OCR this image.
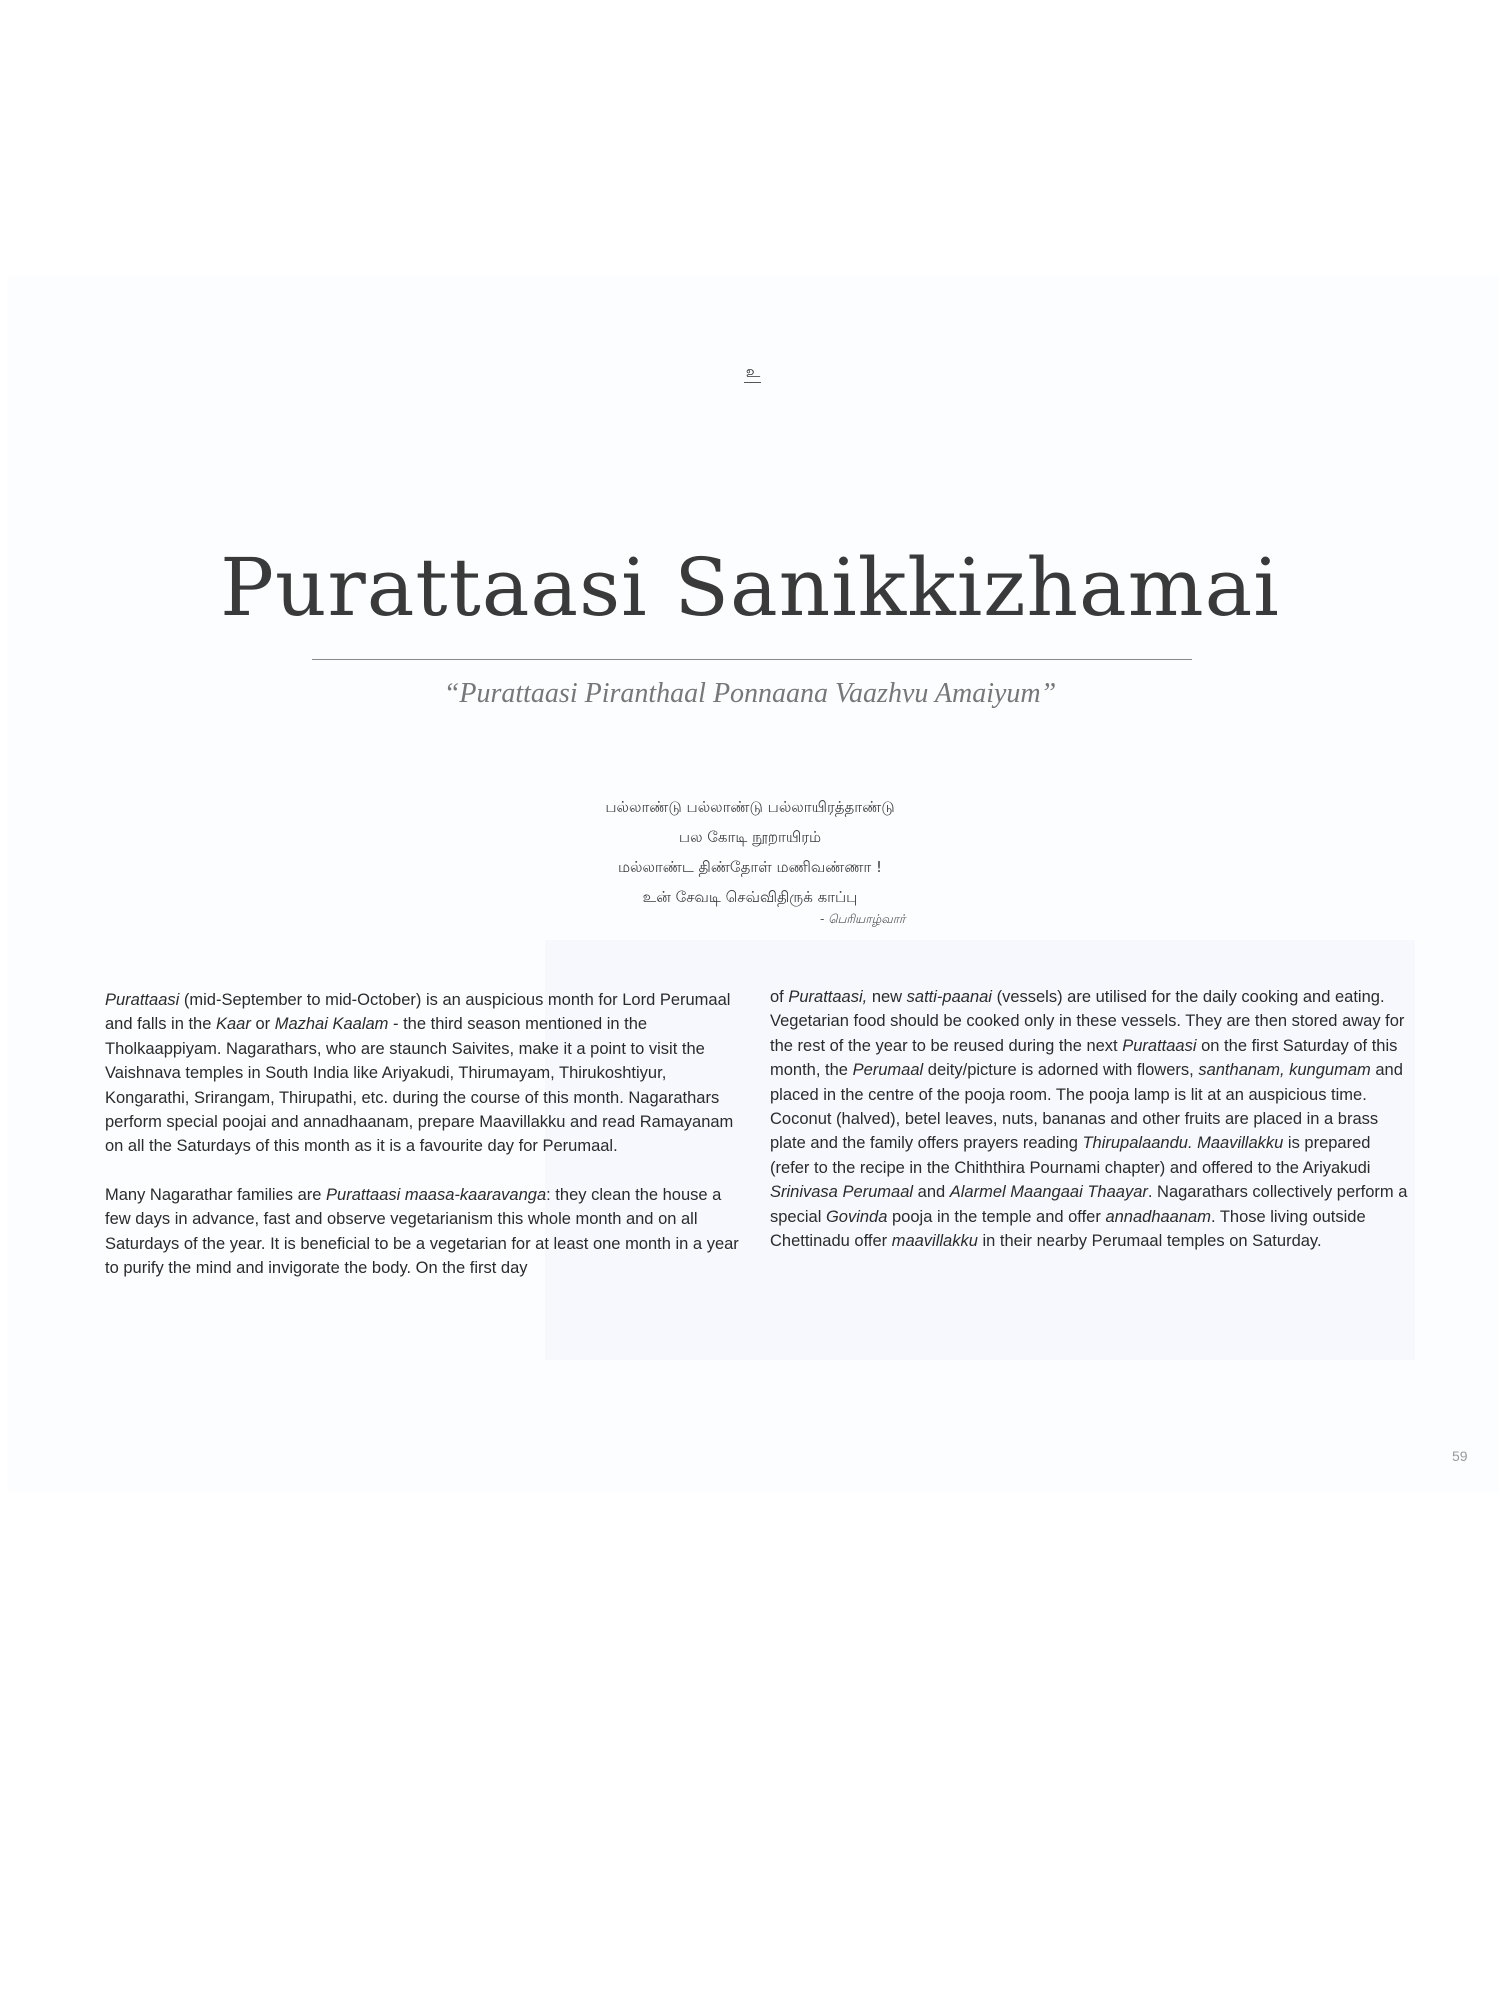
உ
Purattaasi Sanikkizhamai
“Purattaasi Piranthaal Ponnaana Vaazhvu Amaiyum”
பல்லாண்டு பல்லாண்டு பல்லாயிரத்தாண்டு
பல கோடி நூறாயிரம்
மல்லாண்ட திண்தோள் மணிவண்ணா !
உன் சேவடி செவ்விதிருக் காப்பு
- பெரியாழ்வார்

Purattaasi (mid-September to mid-October) is an auspicious month for Lord Perumaal and falls in the Kaar or Mazhai Kaalam - the third season mentioned in the Tholkaappiyam. Nagarathars, who are staunch Saivites, make it a point to visit the Vaishnava temples in South India like Ariyakudi, Thirumayam, Thirukoshtiyur, Kongarathi, Srirangam, Thirupathi, etc. during the course of this month. Nagarathars perform special poojai and annadhaanam, prepare Maavillakku and read Ramayanam on all the Saturdays of this month as it is a favourite day for Perumaal.

Many Nagarathar families are Purattaasi maasa-kaaravanga: they clean the house a few days in advance, fast and observe vegetarianism this whole month and on all Saturdays of the year. It is beneficial to be a vegetarian for at least one month in a year to purify the mind and invigorate the body. On the first day

of Purattaasi, new satti-paanai (vessels) are utilised for the daily cooking and eating. Vegetarian food should be cooked only in these vessels. They are then stored away for the rest of the year to be reused during the next Purattaasi on the first Saturday of this month, the Perumaal deity/picture is adorned with flowers, santhanam, kungumam and placed in the centre of the pooja room. The pooja lamp is lit at an auspicious time. Coconut (halved), betel leaves, nuts, bananas and other fruits are placed in a brass plate and the family offers prayers reading Thirupalaandu. Maavillakku is prepared (refer to the recipe in the Chiththira Pournami chapter) and offered to the Ariyakudi Srinivasa Perumaal and Alarmel Maangaai Thaayar. Nagarathars collectively perform a special Govinda pooja in the temple and offer annadhaanam. Those living outside Chettinadu offer maavillakku in their nearby Perumaal temples on Saturday.

59
